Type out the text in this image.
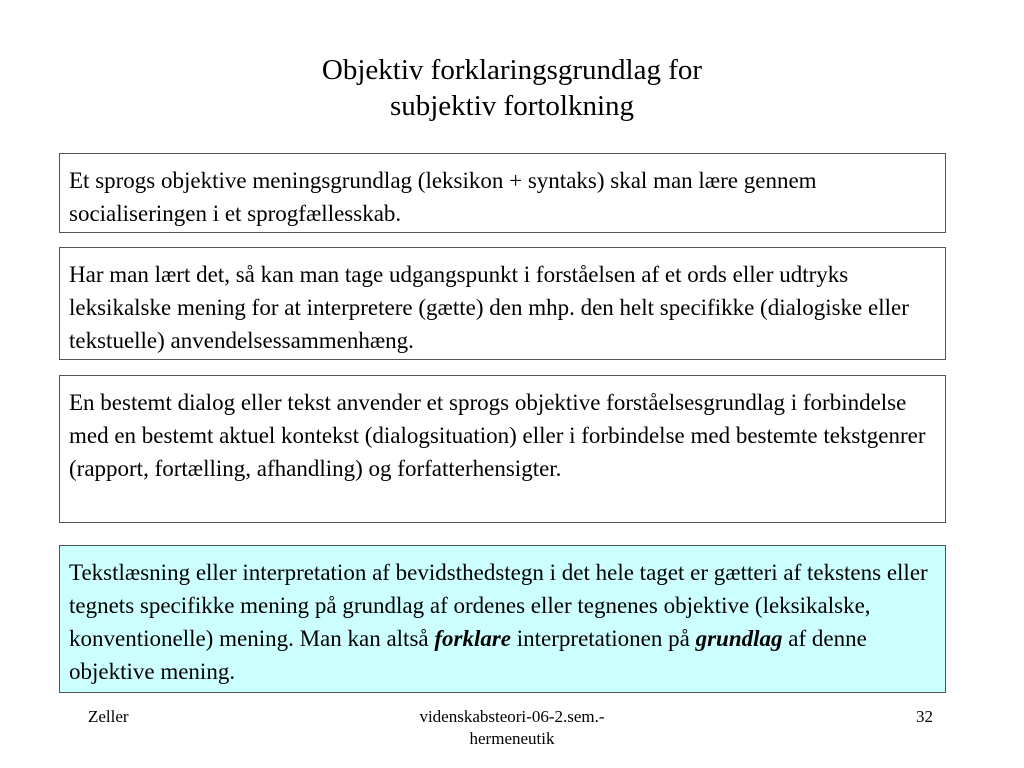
Objektiv forklaringsgrundlag for
subjektiv fortolkning
Et sprogs objektive meningsgrundlag (leksikon + syntaks) skal man lære gennem socialiseringen i et sprogfællesskab.
Har man lært det, så kan man tage udgangspunkt i forståelsen af et ords eller udtryks leksikalske mening for at interpretere (gætte) den mhp. den helt specifikke (dialogiske eller tekstuelle) anvendelsessammenhæng.
En bestemt dialog eller tekst anvender et sprogs objektive forståelsesgrundlag i forbindelse med en bestemt aktuel kontekst (dialogsituation) eller i forbindelse med bestemte tekstgenrer (rapport, fortælling, afhandling) og forfatterhensigter.
Tekstlæsning eller interpretation af bevidsthedstegn i det hele taget er gætteri af tekstens eller tegnets specifikke mening på grundlag af ordenes eller tegnenes objektive (leksikalske, konventionelle) mening. Man kan altså forklare interpretationen på grundlag af denne objektive mening.
Zeller	videnskabsteori-06-2.sem.-
hermeneutik
32
